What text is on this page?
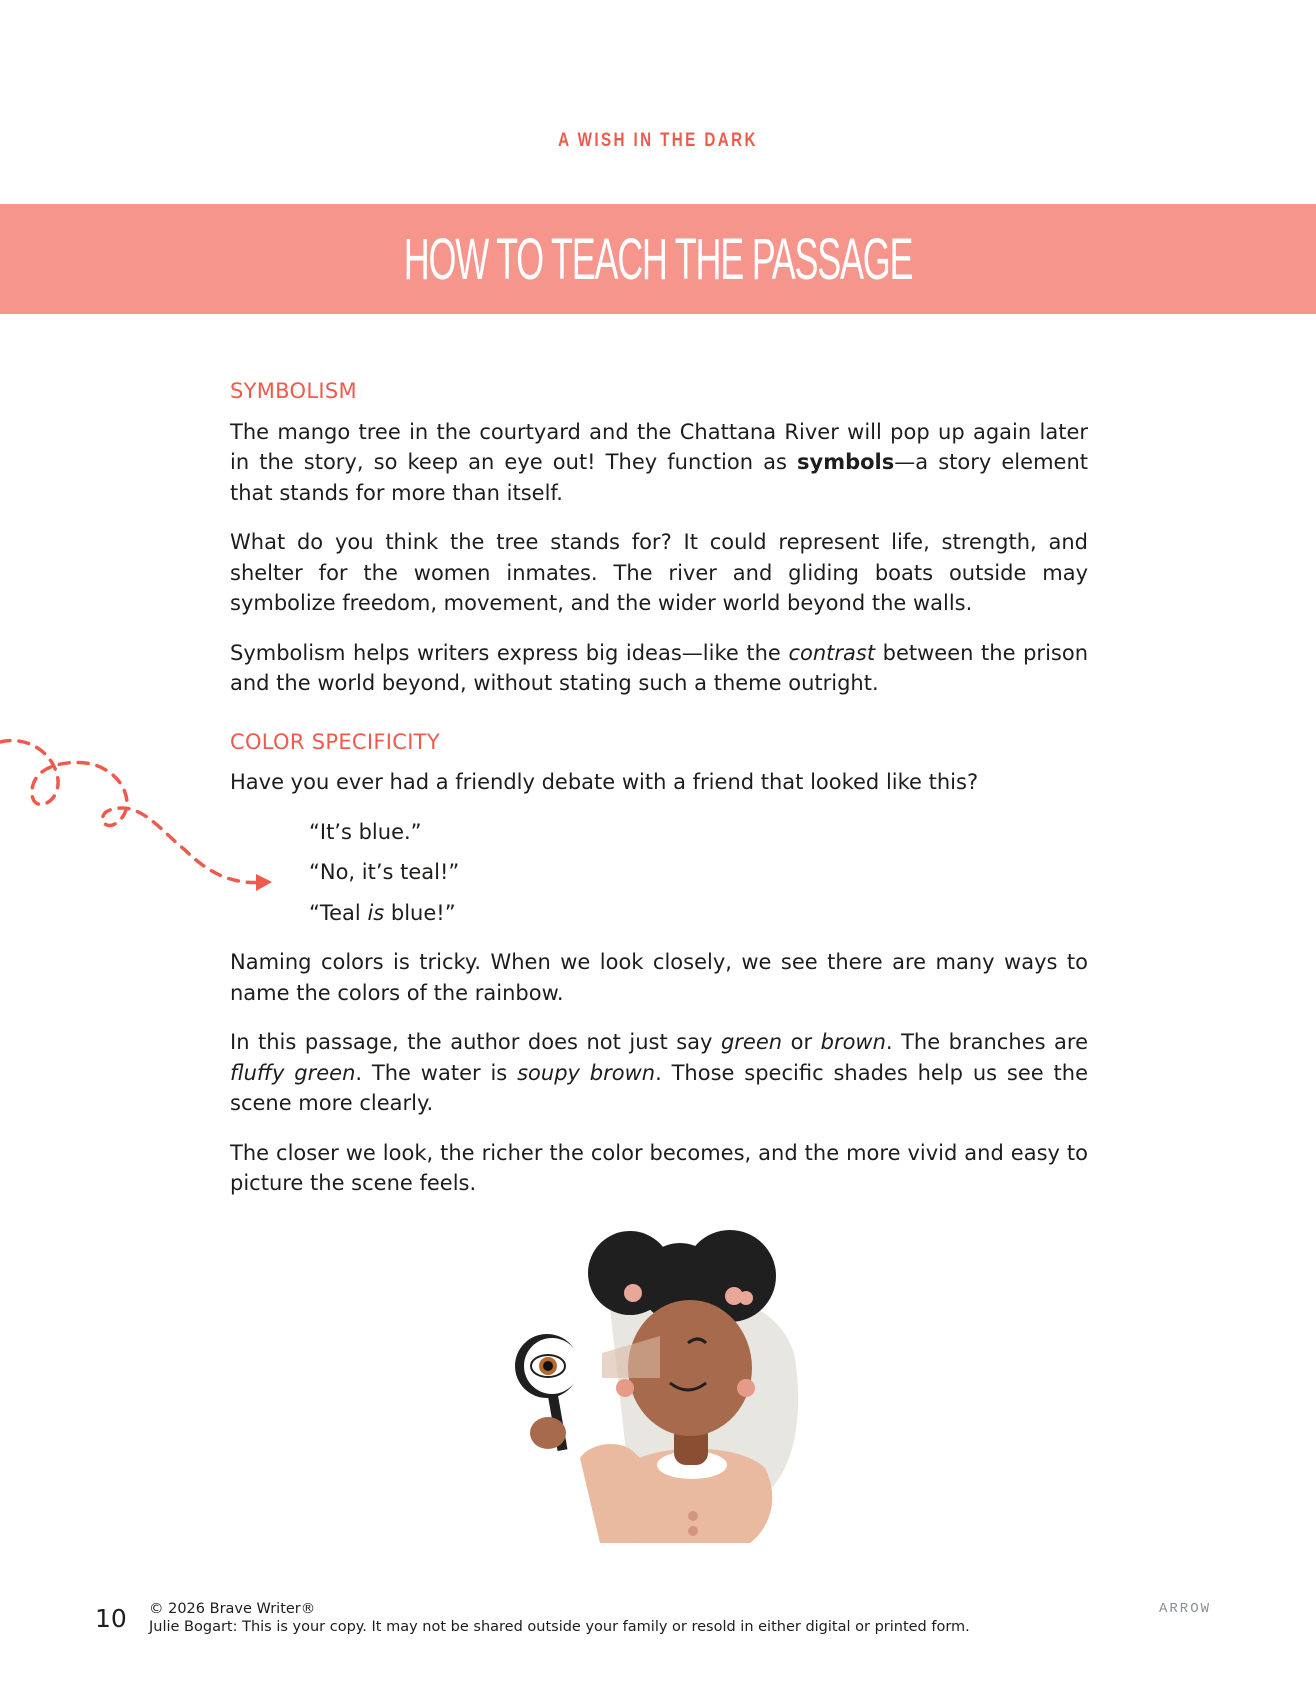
A WISH IN THE DARK
HOW TO TEACH THE PASSAGE
SYMBOLISM

The mango tree in the courtyard and the Chattana River will pop up again later in the story, so keep an eye out! They function as symbols—a story element that stands for more than itself.

What do you think the tree stands for? It could represent life, strength, and shelter for the women inmates. The river and gliding boats outside may symbolize freedom, movement, and the wider world beyond the walls.

Symbolism helps writers express big ideas—like the contrast between the prison and the world beyond, without stating such a theme outright.

COLOR SPECIFICITY

Have you ever had a friendly debate with a friend that looked like this?

“It’s blue.”
“No, it’s teal!”
“Teal is blue!”

Naming colors is tricky. When we look closely, we see there are many ways to name the colors of the rainbow.

In this passage, the author does not just say green or brown. The branches are fluffy green. The water is soupy brown. Those specific shades help us see the scene more clearly.

The closer we look, the richer the color becomes, and the more vivid and easy to picture the scene feels.

10 © 2026 Brave Writer®
Julie Bogart: This is your copy. It may not be shared outside your family or resold in either digital or printed form.
ARROW
